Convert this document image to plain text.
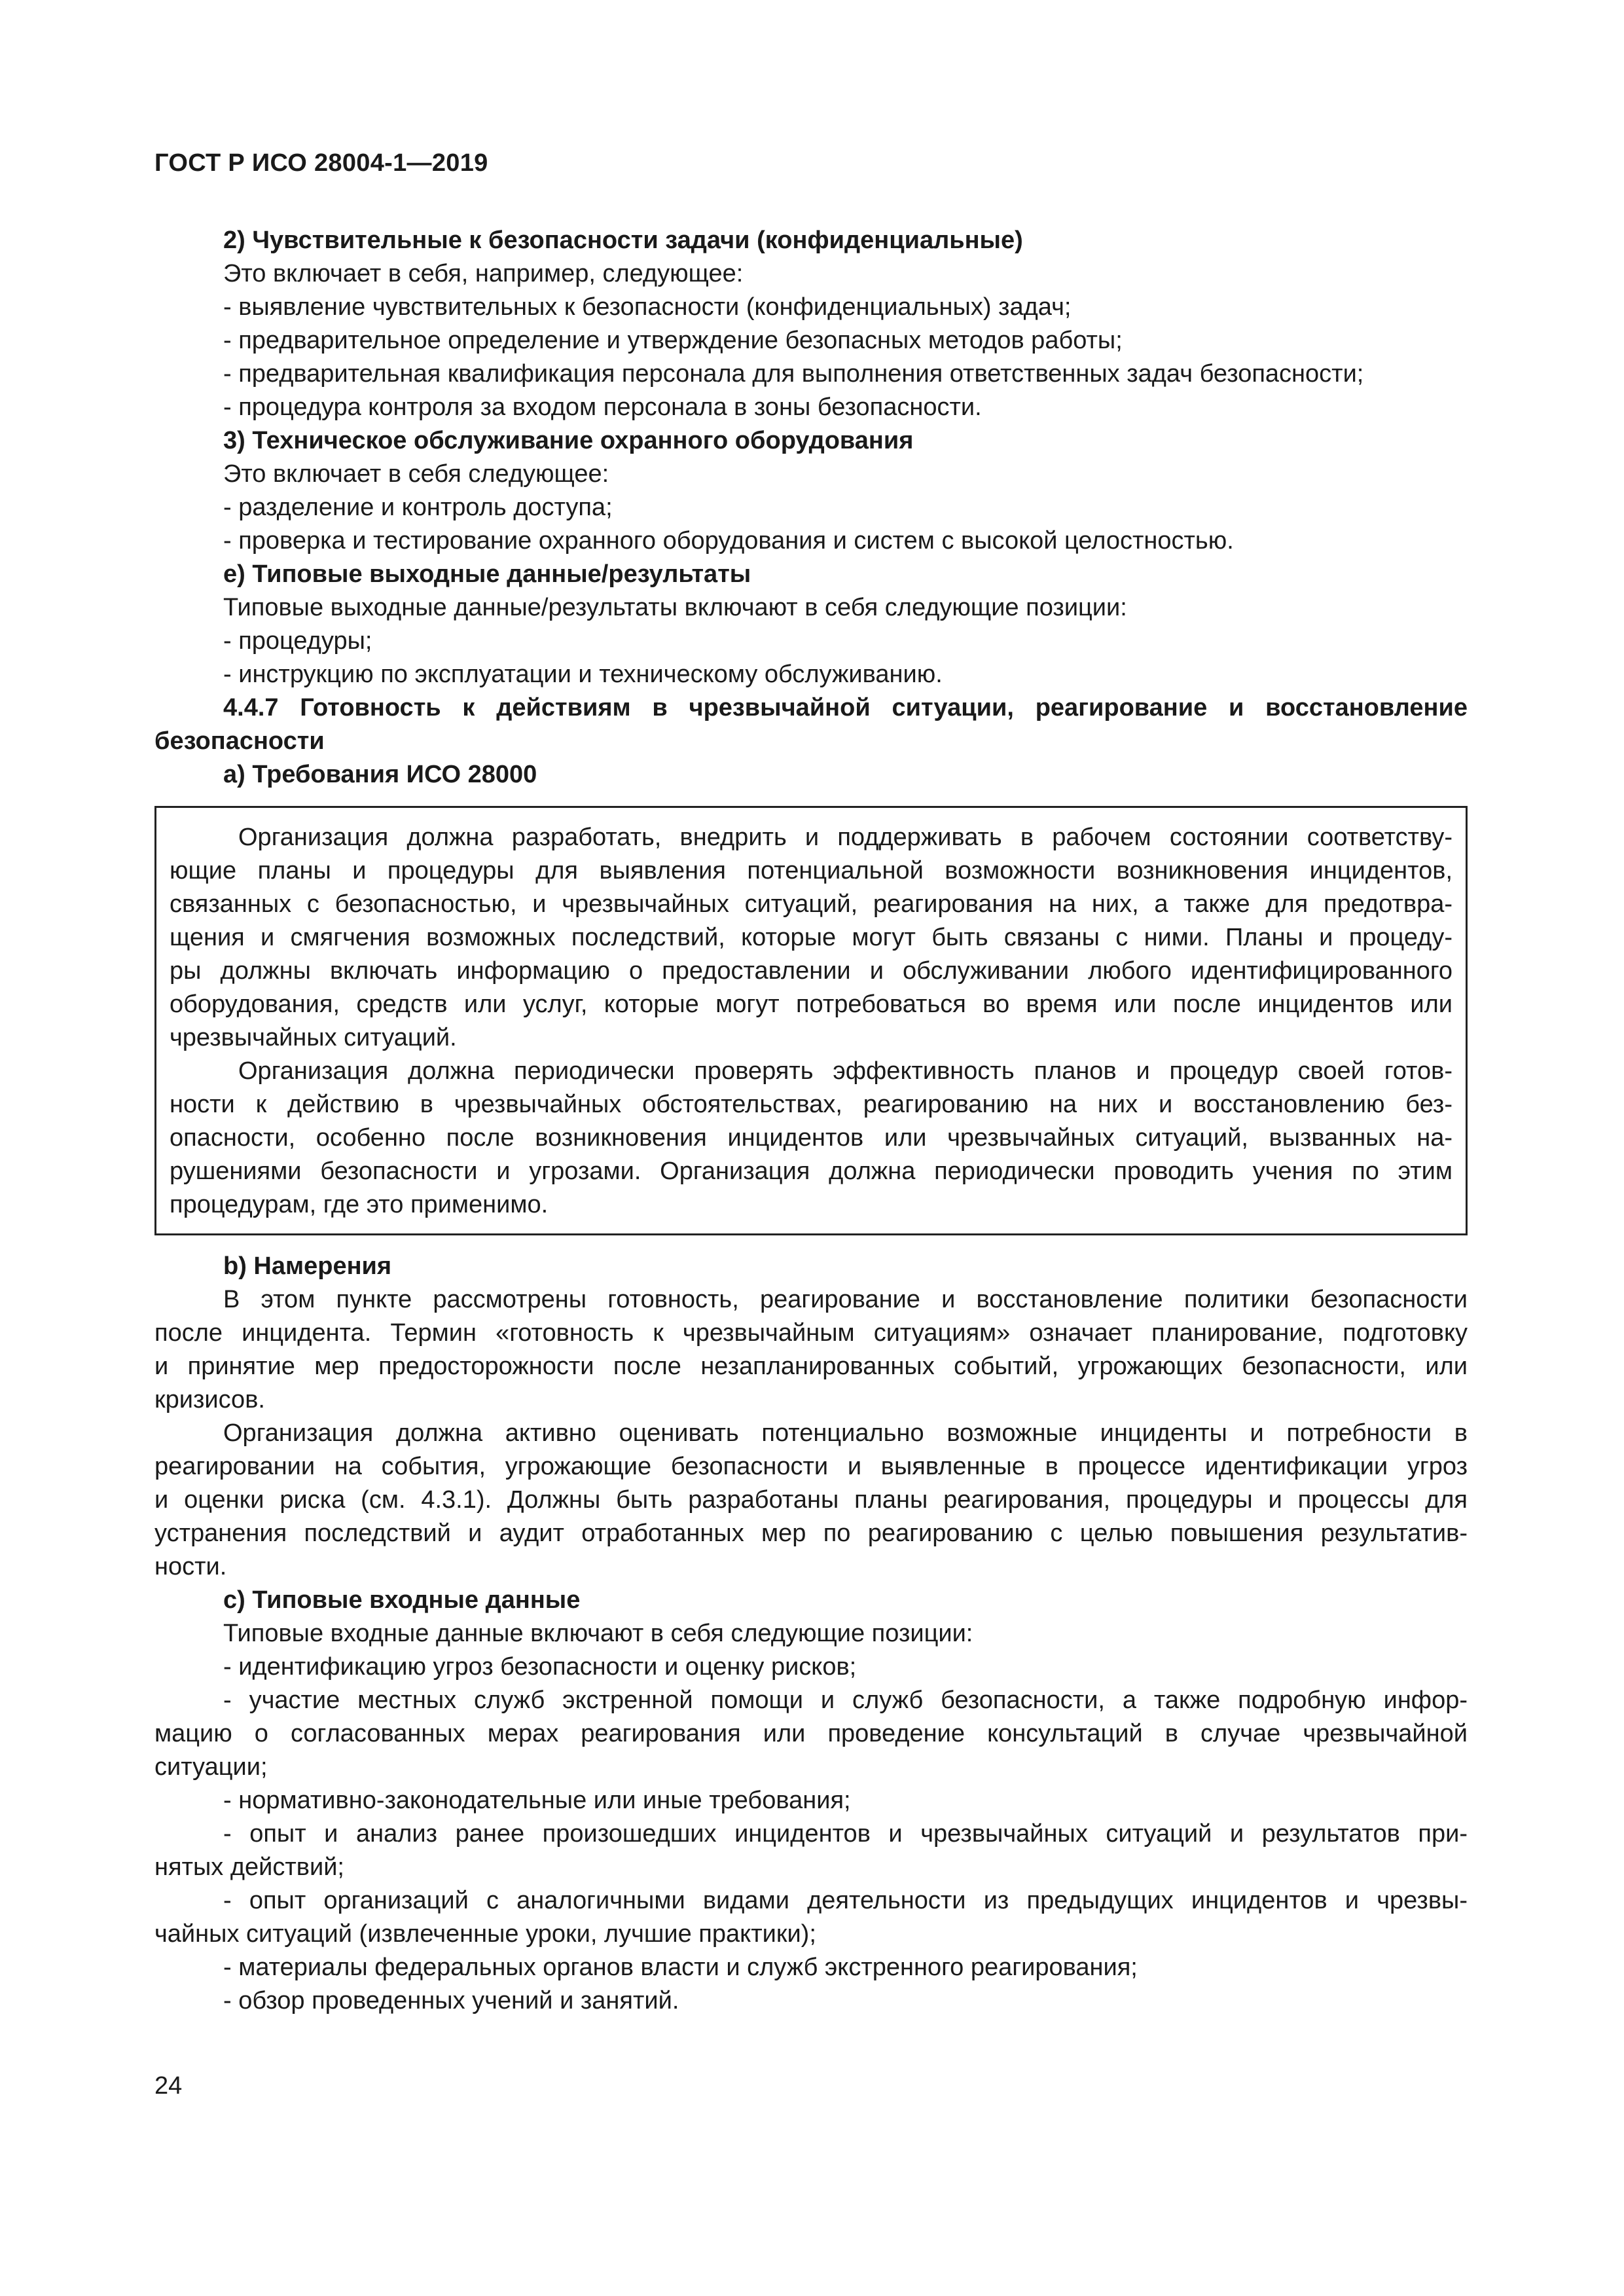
ГОСТ Р ИСО 28004-1—2019
2) Чувствительные к безопасности задачи (конфиденциальные)
Это включает в себя, например, следующее:
- выявление чувствительных к безопасности (конфиденциальных) задач;
- предварительное определение и утверждение безопасных методов работы;
- предварительная квалификация персонала для выполнения ответственных задач безопасности;
- процедура контроля за входом персонала в зоны безопасности.
3) Техническое обслуживание охранного оборудования
Это включает в себя следующее:
- разделение и контроль доступа;
- проверка и тестирование охранного оборудования и систем с высокой целостностью.
е) Типовые выходные данные/результаты
Типовые выходные данные/результаты включают в себя следующие позиции:
- процедуры;
- инструкцию по эксплуатации и техническому обслуживанию.
4.4.7 Готовность к действиям в чрезвычайной ситуации, реагирование и восстановление
безопасности
а) Требования ИСО 28000
Организация должна разработать, внедрить и поддерживать в рабочем состоянии соответству-
ющие планы и процедуры для выявления потенциальной возможности возникновения инцидентов,
связанных с безопасностью, и чрезвычайных ситуаций, реагирования на них, а также для предотвра-
щения и смягчения возможных последствий, которые могут быть связаны с ними. Планы и процеду-
ры должны включать информацию о предоставлении и обслуживании любого идентифицированного
оборудования, средств или услуг, которые могут потребоваться во время или после инцидентов или
чрезвычайных ситуаций.
Организация должна периодически проверять эффективность планов и процедур своей готов-
ности к действию в чрезвычайных обстоятельствах, реагированию на них и восстановлению без-
опасности, особенно после возникновения инцидентов или чрезвычайных ситуаций, вызванных на-
рушениями безопасности и угрозами. Организация должна периодически проводить учения по этим
процедурам, где это применимо.
b) Намерения
В этом пункте рассмотрены готовность, реагирование и восстановление политики безопасности
после инцидента. Термин «готовность к чрезвычайным ситуациям» означает планирование, подготовку
и принятие мер предосторожности после незапланированных событий, угрожающих безопасности, или
кризисов.
Организация должна активно оценивать потенциально возможные инциденты и потребности в
реагировании на события, угрожающие безопасности и выявленные в процессе идентификации угроз
и оценки риска (см. 4.3.1). Должны быть разработаны планы реагирования, процедуры и процессы для
устранения последствий и аудит отработанных мер по реагированию с целью повышения результатив-
ности.
с) Типовые входные данные
Типовые входные данные включают в себя следующие позиции:
- идентификацию угроз безопасности и оценку рисков;
- участие местных служб экстренной помощи и служб безопасности, а также подробную инфор-
мацию о согласованных мерах реагирования или проведение консультаций в случае чрезвычайной
ситуации;
- нормативно-законодательные или иные требования;
- опыт и анализ ранее произошедших инцидентов и чрезвычайных ситуаций и результатов при-
нятых действий;
- опыт организаций с аналогичными видами деятельности из предыдущих инцидентов и чрезвы-
чайных ситуаций (извлеченные уроки, лучшие практики);
- материалы федеральных органов власти и служб экстренного реагирования;
- обзор проведенных учений и занятий.
24
